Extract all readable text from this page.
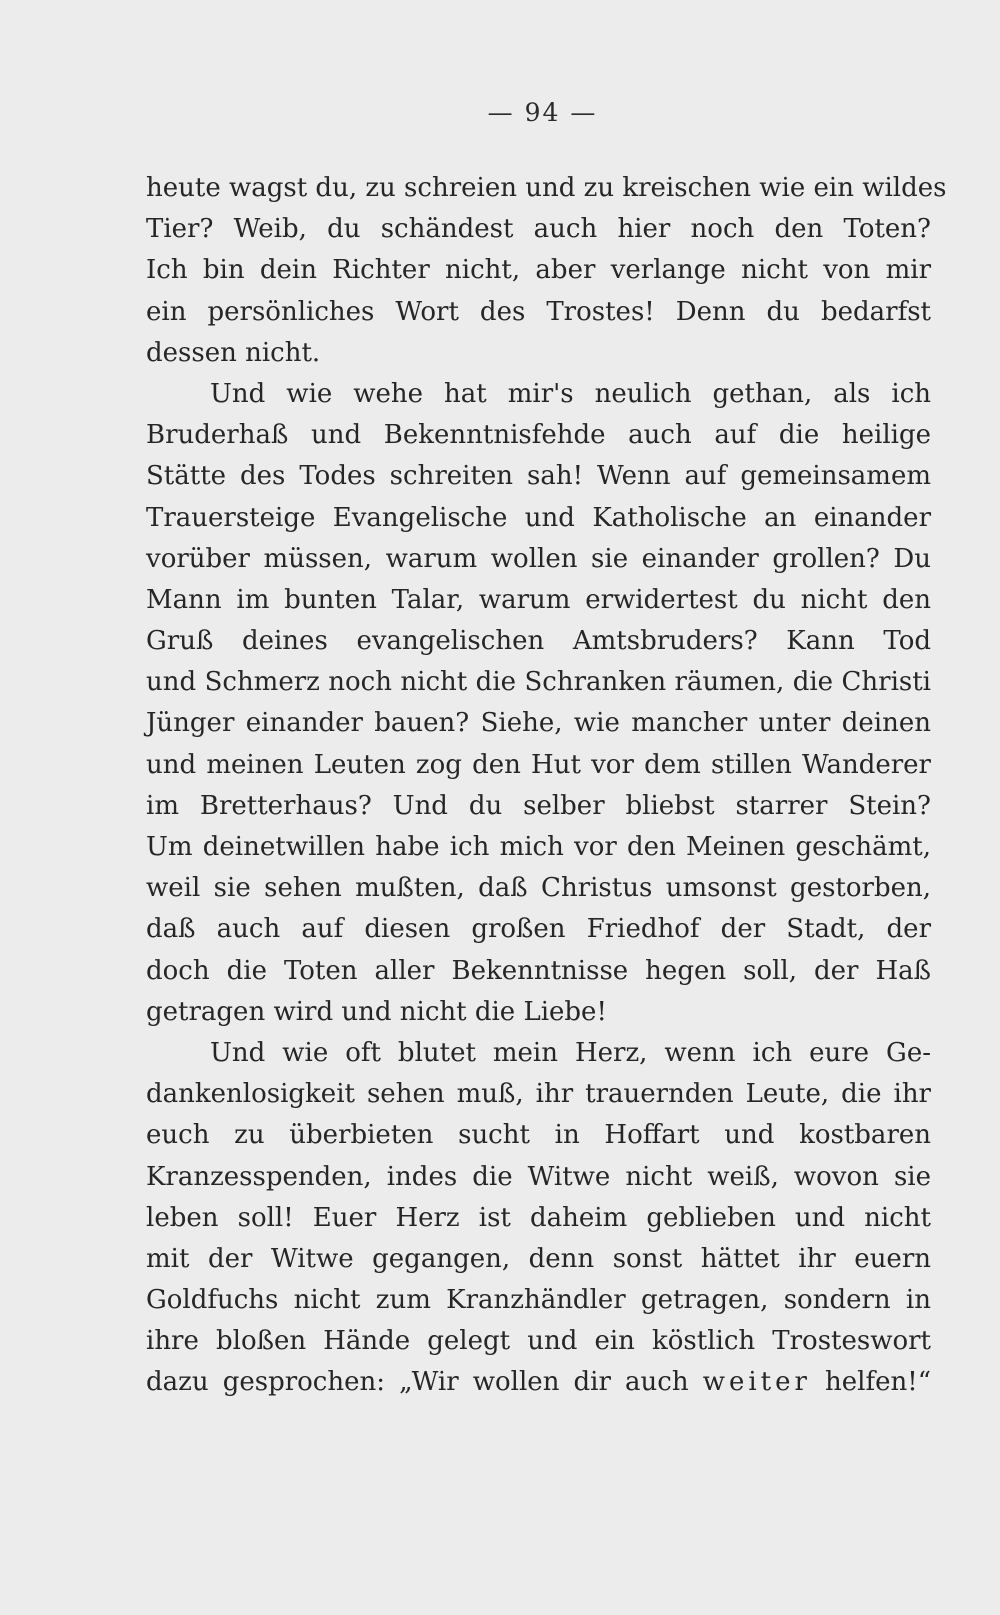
— 94 —
heute wagst du, zu schreien und zu kreischen wie ein wildes
Tier? Weib, du schändest auch hier noch den Toten?
Ich bin dein Richter nicht, aber verlange nicht von mir
ein persönliches Wort des Trostes! Denn du bedarfst
dessen nicht.
Und wie wehe hat mir's neulich gethan, als ich
Bruderhaß und Bekenntnisfehde auch auf die heilige
Stätte des Todes schreiten sah! Wenn auf gemeinsamem
Trauersteige Evangelische und Katholische an einander
vorüber müssen, warum wollen sie einander grollen? Du
Mann im bunten Talar, warum erwidertest du nicht den
Gruß deines evangelischen Amtsbruders? Kann Tod
und Schmerz noch nicht die Schranken räumen, die Christi
Jünger einander bauen? Siehe, wie mancher unter deinen
und meinen Leuten zog den Hut vor dem stillen Wanderer
im Bretterhaus? Und du selber bliebst starrer Stein?
Um deinetwillen habe ich mich vor den Meinen geschämt,
weil sie sehen mußten, daß Christus umsonst gestorben,
daß auch auf diesen großen Friedhof der Stadt, der
doch die Toten aller Bekenntnisse hegen soll, der Haß
getragen wird und nicht die Liebe!
Und wie oft blutet mein Herz, wenn ich eure Ge-
dankenlosigkeit sehen muß, ihr trauernden Leute, die ihr
euch zu überbieten sucht in Hoffart und kostbaren
Kranzesspenden, indes die Witwe nicht weiß, wovon sie
leben soll! Euer Herz ist daheim geblieben und nicht
mit der Witwe gegangen, denn sonst hättet ihr euern
Goldfuchs nicht zum Kranzhändler getragen, sondern in
ihre bloßen Hände gelegt und ein köstlich Trosteswort
dazu gesprochen: „Wir wollen dir auch weiter helfen!“
